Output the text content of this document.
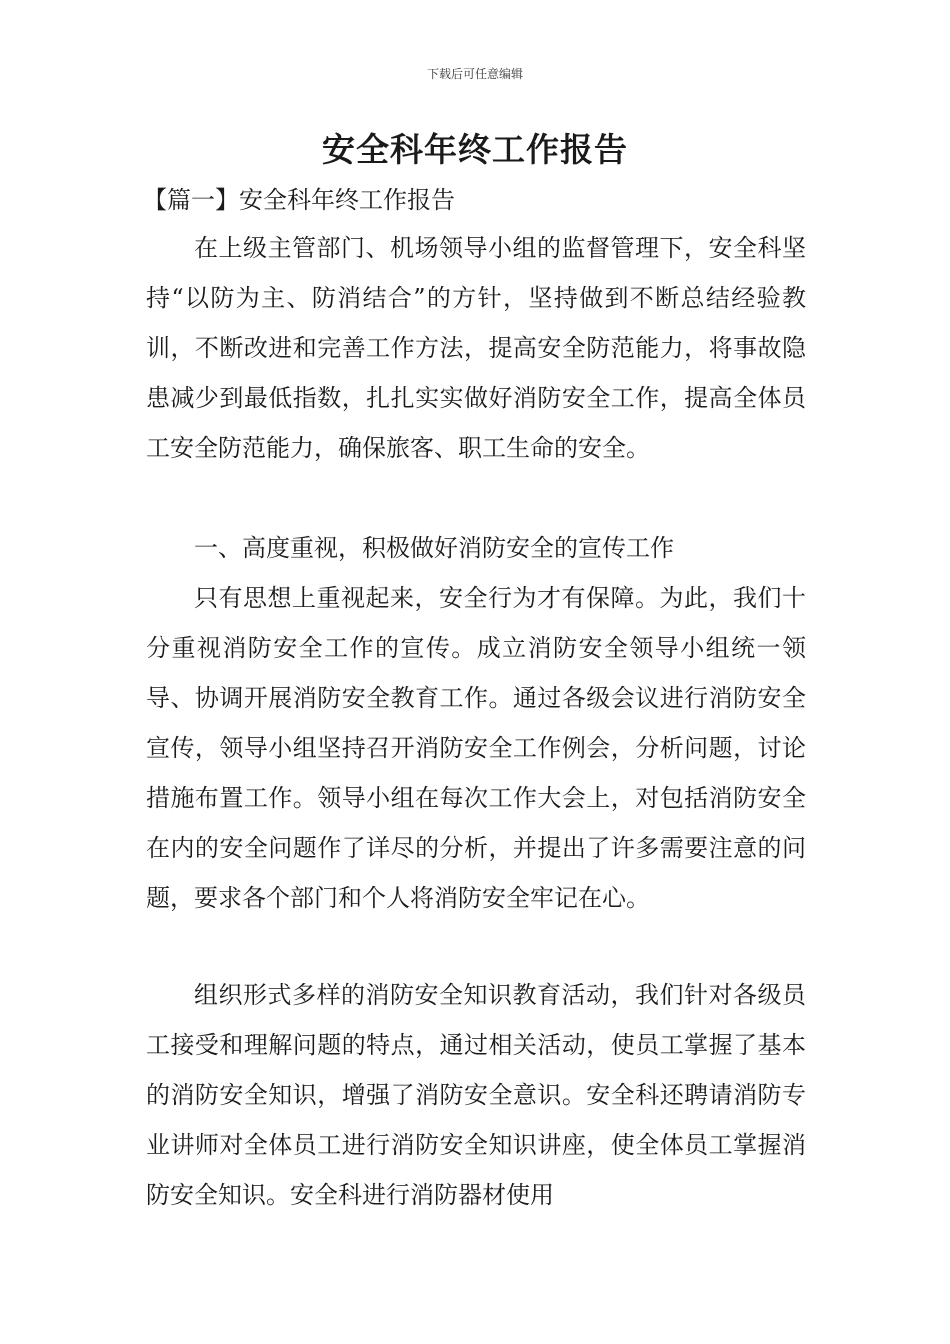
下载后可任意编辑
安全科年终工作报告

【篇一】安全科年终工作报告

在上级主管部门、机场领导小组的监督管理下，安全科坚持“以防为主、防消结合”的方针，坚持做到不断总结经验教训，不断改进和完善工作方法，提高安全防范能力，将事故隐患减少到最低指数，扎扎实实做好消防安全工作，提高全体员工安全防范能力，确保旅客、职工生命的安全。

一、高度重视，积极做好消防安全的宣传工作

只有思想上重视起来，安全行为才有保障。为此，我们十分重视消防安全工作的宣传。成立消防安全领导小组统一领导、协调开展消防安全教育工作。通过各级会议进行消防安全宣传，领导小组坚持召开消防安全工作例会，分析问题，讨论措施布置工作。领导小组在每次工作大会上，对包括消防安全在内的安全问题作了详尽的分析，并提出了许多需要注意的问题，要求各个部门和个人将消防安全牢记在心。

组织形式多样的消防安全知识教育活动，我们针对各级员工接受和理解问题的特点，通过相关活动，使员工掌握了基本的消防安全知识，增强了消防安全意识。安全科还聘请消防专业讲师对全体员工进行消防安全知识讲座，使全体员工掌握消防安全知识。安全科进行消防器材使用
